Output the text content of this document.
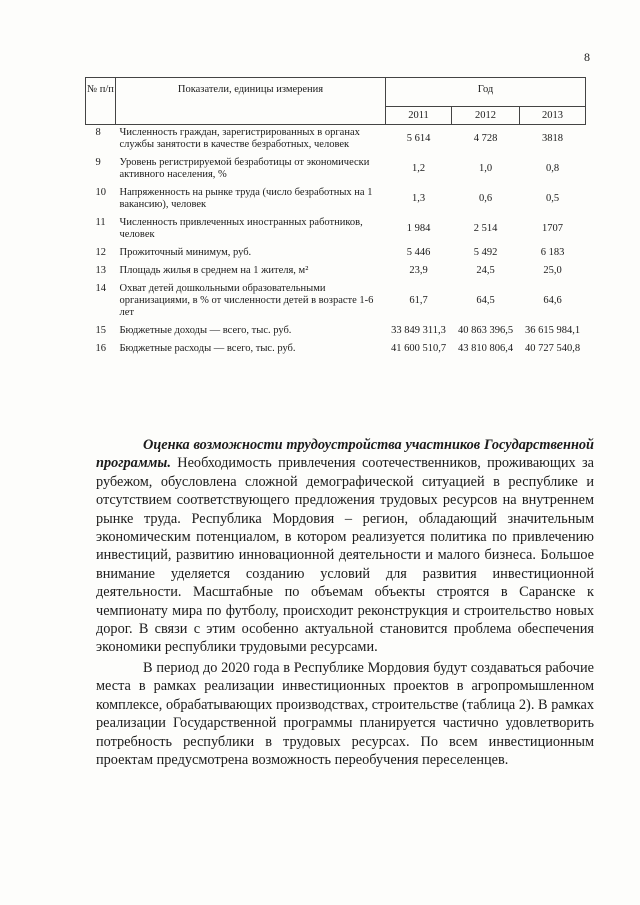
8
№ п/п	Показатели, единицы измерения	Год		
		2011	2012	2013
8	Численность граждан, зарегистрированных в органах службы занятости в качестве безработных, человек	5 614	4 728	3818
9	Уровень регистрируемой безработицы от экономически активного населения, %	1,2	1,0	0,8
10	Напряженность на рынке труда (число безработных на 1 вакансию), человек	1,3	0,6	0,5
11	Численность привлеченных иностранных работников, человек	1 984	2 514	1707
12	Прожиточный минимум, руб.	5 446	5 492	6 183
13	Площадь жилья в среднем на 1 жителя, м²	23,9	24,5	25,0
14	Охват детей дошкольными образовательными организациями, в % от численности детей в возрасте 1-6 лет	61,7	64,5	64,6
15	Бюджетные доходы — всего, тыс. руб.	33 849 311,3	40 863 396,5	36 615 984,1
16	Бюджетные расходы — всего, тыс. руб.	41 600 510,7	43 810 806,4	40 727 540,8

Оценка возможности трудоустройства участников Государственной программы. Необходимость привлечения соотечественников, проживающих за рубежом, обусловлена сложной демографической ситуацией в республике и отсутствием соответствующего предложения трудовых ресурсов на внутреннем рынке труда. Республика Мордовия – регион, обладающий значительным экономическим потенциалом, в котором реализуется политика по привлечению инвестиций, развитию инновационной деятельности и малого бизнеса. Большое внимание уделяется созданию условий для развития инвестиционной деятельности. Масштабные по объемам объекты строятся в Саранске к чемпионату мира по футболу, происходит реконструкция и строительство новых дорог. В связи с этим особенно актуальной становится проблема обеспечения экономики республики трудовыми ресурсами.

В период до 2020 года в Республике Мордовия будут создаваться рабочие места в рамках реализации инвестиционных проектов в агропромышленном комплексе, обрабатывающих производствах, строительстве (таблица 2). В рамках реализации Государственной программы планируется частично удовлетворить потребность республики в трудовых ресурсах. По всем инвестиционным проектам предусмотрена возможность переобучения переселенцев.
